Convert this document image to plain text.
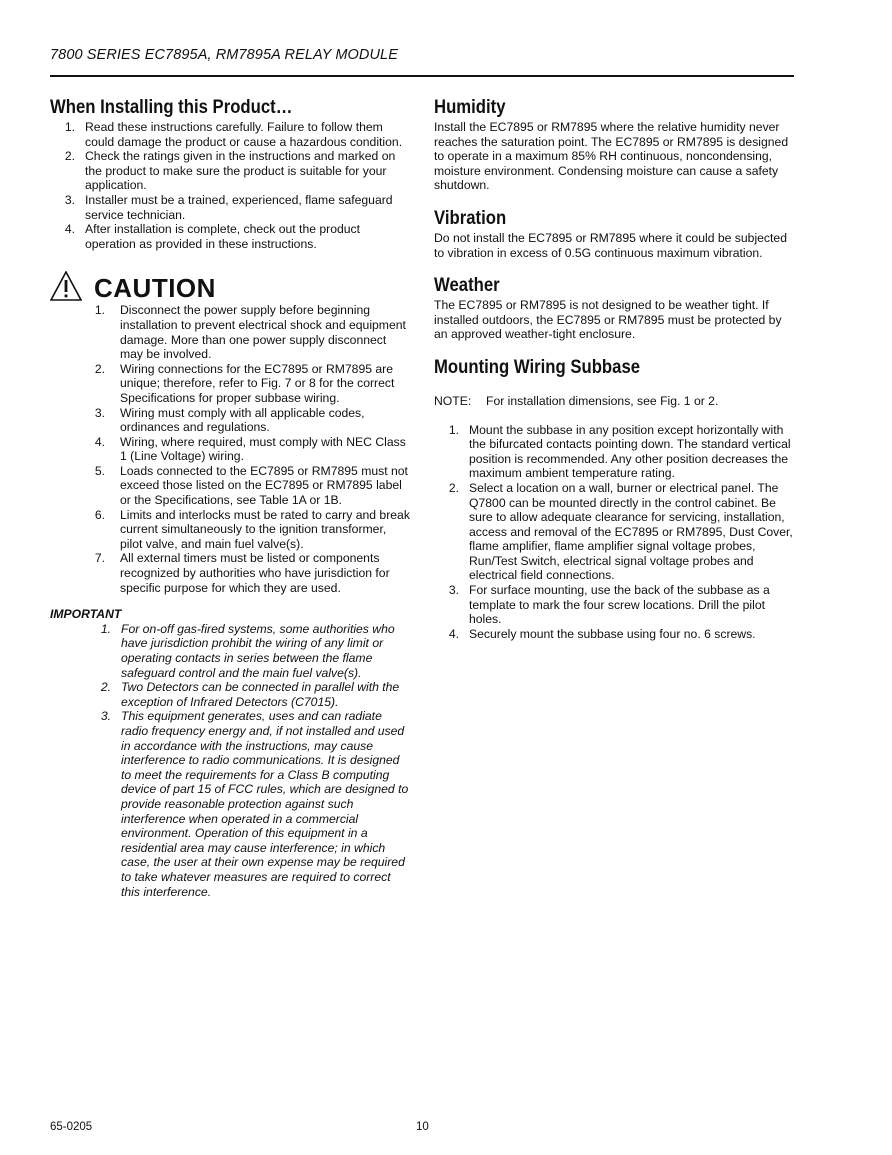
7800 SERIES EC7895A, RM7895A RELAY MODULE
When Installing this Product…
1. Read these instructions carefully. Failure to follow them could damage the product or cause a hazardous condition.
2. Check the ratings given in the instructions and marked on the product to make sure the product is suitable for your application.
3. Installer must be a trained, experienced, flame safeguard service technician.
4. After installation is complete, check out the product operation as provided in these instructions.
CAUTION
1. Disconnect the power supply before beginning installation to prevent electrical shock and equipment damage. More than one power supply disconnect may be involved.
2. Wiring connections for the EC7895 or RM7895 are unique; therefore, refer to Fig. 7 or 8 for the correct Specifications for proper subbase wiring.
3. Wiring must comply with all applicable codes, ordinances and regulations.
4. Wiring, where required, must comply with NEC Class 1 (Line Voltage) wiring.
5. Loads connected to the EC7895 or RM7895 must not exceed those listed on the EC7895 or RM7895 label or the Specifications, see Table 1A or 1B.
6. Limits and interlocks must be rated to carry and break current simultaneously to the ignition transformer, pilot valve, and main fuel valve(s).
7. All external timers must be listed or components recognized by authorities who have jurisdiction for specific purpose for which they are used.
IMPORTANT
1. For on-off gas-fired systems, some authorities who have jurisdiction prohibit the wiring of any limit or operating contacts in series between the flame safeguard control and the main fuel valve(s).
2. Two Detectors can be connected in parallel with the exception of Infrared Detectors (C7015).
3. This equipment generates, uses and can radiate radio frequency energy and, if not installed and used in accordance with the instructions, may cause interference to radio communications. It is designed to meet the requirements for a Class B computing device of part 15 of FCC rules, which are designed to provide reasonable protection against such interference when operated in a commercial environment. Operation of this equipment in a residential area may cause interference; in which case, the user at their own expense may be required to take whatever measures are required to correct this interference.
Humidity

Install the EC7895 or RM7895 where the relative humidity never reaches the saturation point. The EC7895 or RM7895 is designed to operate in a maximum 85% RH continuous, noncondensing, moisture environment. Condensing moisture can cause a safety shutdown.

Vibration

Do not install the EC7895 or RM7895 where it could be subjected to vibration in excess of 0.5G continuous maximum vibration.

Weather

The EC7895 or RM7895 is not designed to be weather tight. If installed outdoors, the EC7895 or RM7895 must be protected by an approved weather-tight enclosure.

Mounting Wiring Subbase

NOTE: For installation dimensions, see Fig. 1 or 2.

1. Mount the subbase in any position except horizontally with the bifurcated contacts pointing down. The standard vertical position is recommended. Any other position decreases the maximum ambient temperature rating.
2. Select a location on a wall, burner or electrical panel. The Q7800 can be mounted directly in the control cabinet. Be sure to allow adequate clearance for servicing, installation, access and removal of the EC7895 or RM7895, Dust Cover, flame amplifier, flame amplifier signal voltage probes, Run/Test Switch, electrical signal voltage probes and electrical field connections.
3. For surface mounting, use the back of the subbase as a template to mark the four screw locations. Drill the pilot holes.
4. Securely mount the subbase using four no. 6 screws.
65-0205	10
